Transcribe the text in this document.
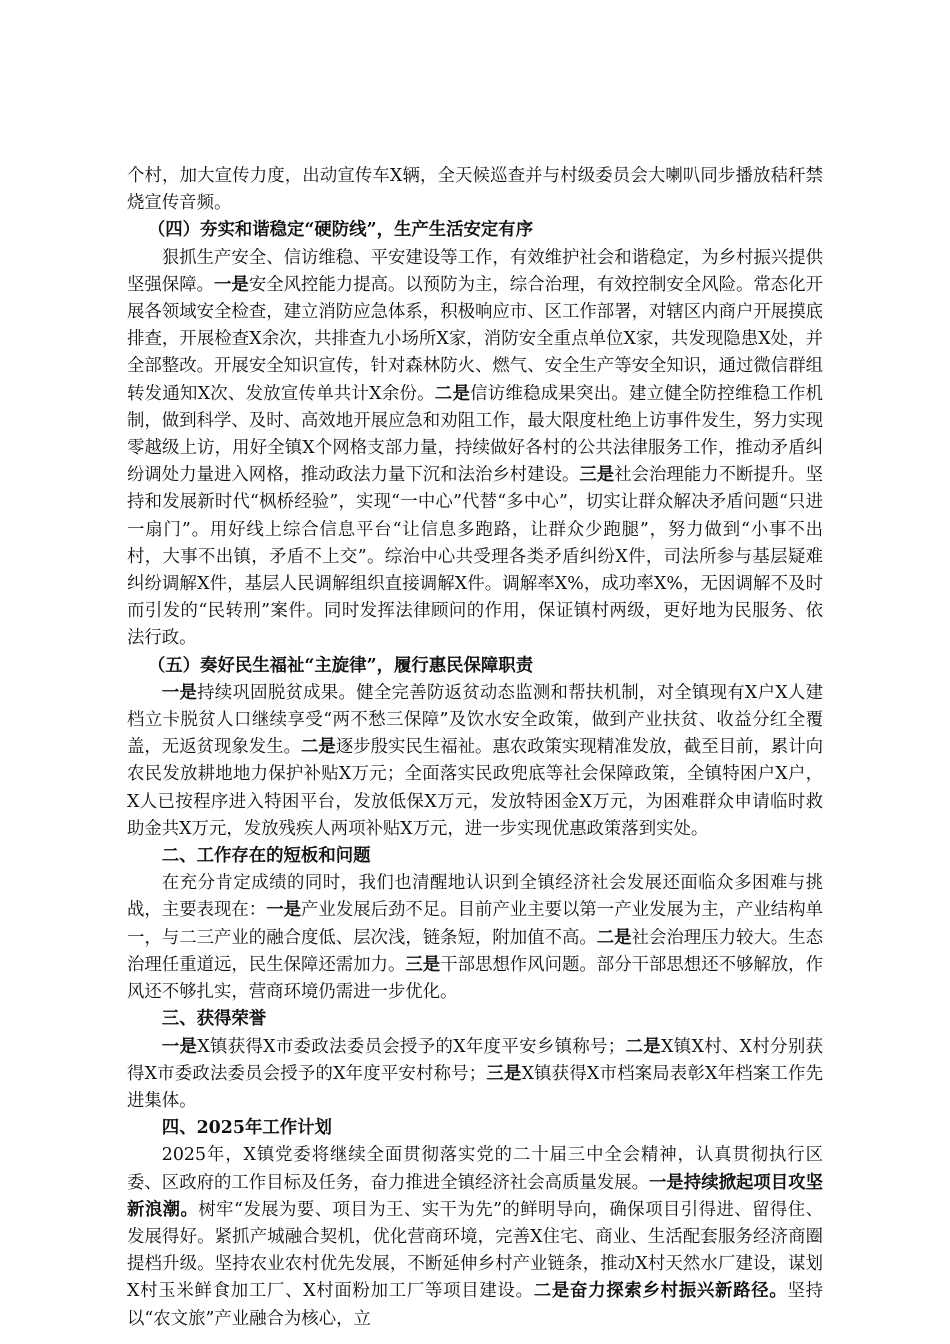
个村，加大宣传力度，出动宣传车X辆，全天候巡查并与村级委员会大喇叭同步播放秸秆禁烧宣传音频。

（四）夯实和谐稳定“硬防线”，生产生活安定有序

狠抓生产安全、信访维稳、平安建设等工作，有效维护社会和谐稳定，为乡村振兴提供坚强保障。一是安全风控能力提高。以预防为主，综合治理，有效控制安全风险。常态化开展各领域安全检查，建立消防应急体系，积极响应市、区工作部署，对辖区内商户开展摸底排查，开展检查X余次，共排查九小场所X家，消防安全重点单位X家，共发现隐患X处，并全部整改。开展安全知识宣传，针对森林防火、燃气、安全生产等安全知识，通过微信群组转发通知X次、发放宣传单共计X余份。二是信访维稳成果突出。建立健全防控维稳工作机制，做到科学、及时、高效地开展应急和劝阻工作，最大限度杜绝上访事件发生，努力实现零越级上访，用好全镇X个网格支部力量，持续做好各村的公共法律服务工作，推动矛盾纠纷调处力量进入网格，推动政法力量下沉和法治乡村建设。三是社会治理能力不断提升。坚持和发展新时代“枫桥经验”，实现“一中心”代替“多中心”，切实让群众解决矛盾问题“只进一扇门”。用好线上综合信息平台“让信息多跑路，让群众少跑腿”，努力做到“小事不出村，大事不出镇，矛盾不上交”。综治中心共受理各类矛盾纠纷X件，司法所参与基层疑难纠纷调解X件，基层人民调解组织直接调解X件。调解率X%，成功率X%，无因调解不及时而引发的“民转刑”案件。同时发挥法律顾问的作用，保证镇村两级，更好地为民服务、依法行政。

（五）奏好民生福祉“主旋律”，履行惠民保障职责

一是持续巩固脱贫成果。健全完善防返贫动态监测和帮扶机制，对全镇现有X户X人建档立卡脱贫人口继续享受“两不愁三保障”及饮水安全政策，做到产业扶贫、收益分红全覆盖，无返贫现象发生。二是逐步殷实民生福祉。惠农政策实现精准发放，截至目前，累计向农民发放耕地地力保护补贴X万元；全面落实民政兜底等社会保障政策，全镇特困户X户，X人已按程序进入特困平台，发放低保X万元，发放特困金X万元，为困难群众申请临时救助金共X万元，发放残疾人两项补贴X万元，进一步实现优惠政策落到实处。

二、工作存在的短板和问题

在充分肯定成绩的同时，我们也清醒地认识到全镇经济社会发展还面临众多困难与挑战，主要表现在：一是产业发展后劲不足。目前产业主要以第一产业发展为主，产业结构单一，与二三产业的融合度低、层次浅，链条短，附加值不高。二是社会治理压力较大。生态治理任重道远，民生保障还需加力。三是干部思想作风问题。部分干部思想还不够解放，作风还不够扎实，营商环境仍需进一步优化。

三、获得荣誉

一是X镇获得X市委政法委员会授予的X年度平安乡镇称号；二是X镇X村、X村分别获得X市委政法委员会授予的X年度平安村称号；三是X镇获得X市档案局表彰X年档案工作先进集体。

四、2025年工作计划

2025年，X镇党委将继续全面贯彻落实党的二十届三中全会精神，认真贯彻执行区委、区政府的工作目标及任务，奋力推进全镇经济社会高质量发展。一是持续掀起项目攻坚新浪潮。树牢“发展为要、项目为王、实干为先”的鲜明导向，确保项目引得进、留得住、发展得好。紧抓产城融合契机，优化营商环境，完善X住宅、商业、生活配套服务经济商圈提档升级。坚持农业农村优先发展，不断延伸乡村产业链条，推动X村天然水厂建设，谋划X村玉米鲜食加工厂、X村面粉加工厂等项目建设。二是奋力探索乡村振兴新路径。坚持以“农文旅”产业融合为核心，立
